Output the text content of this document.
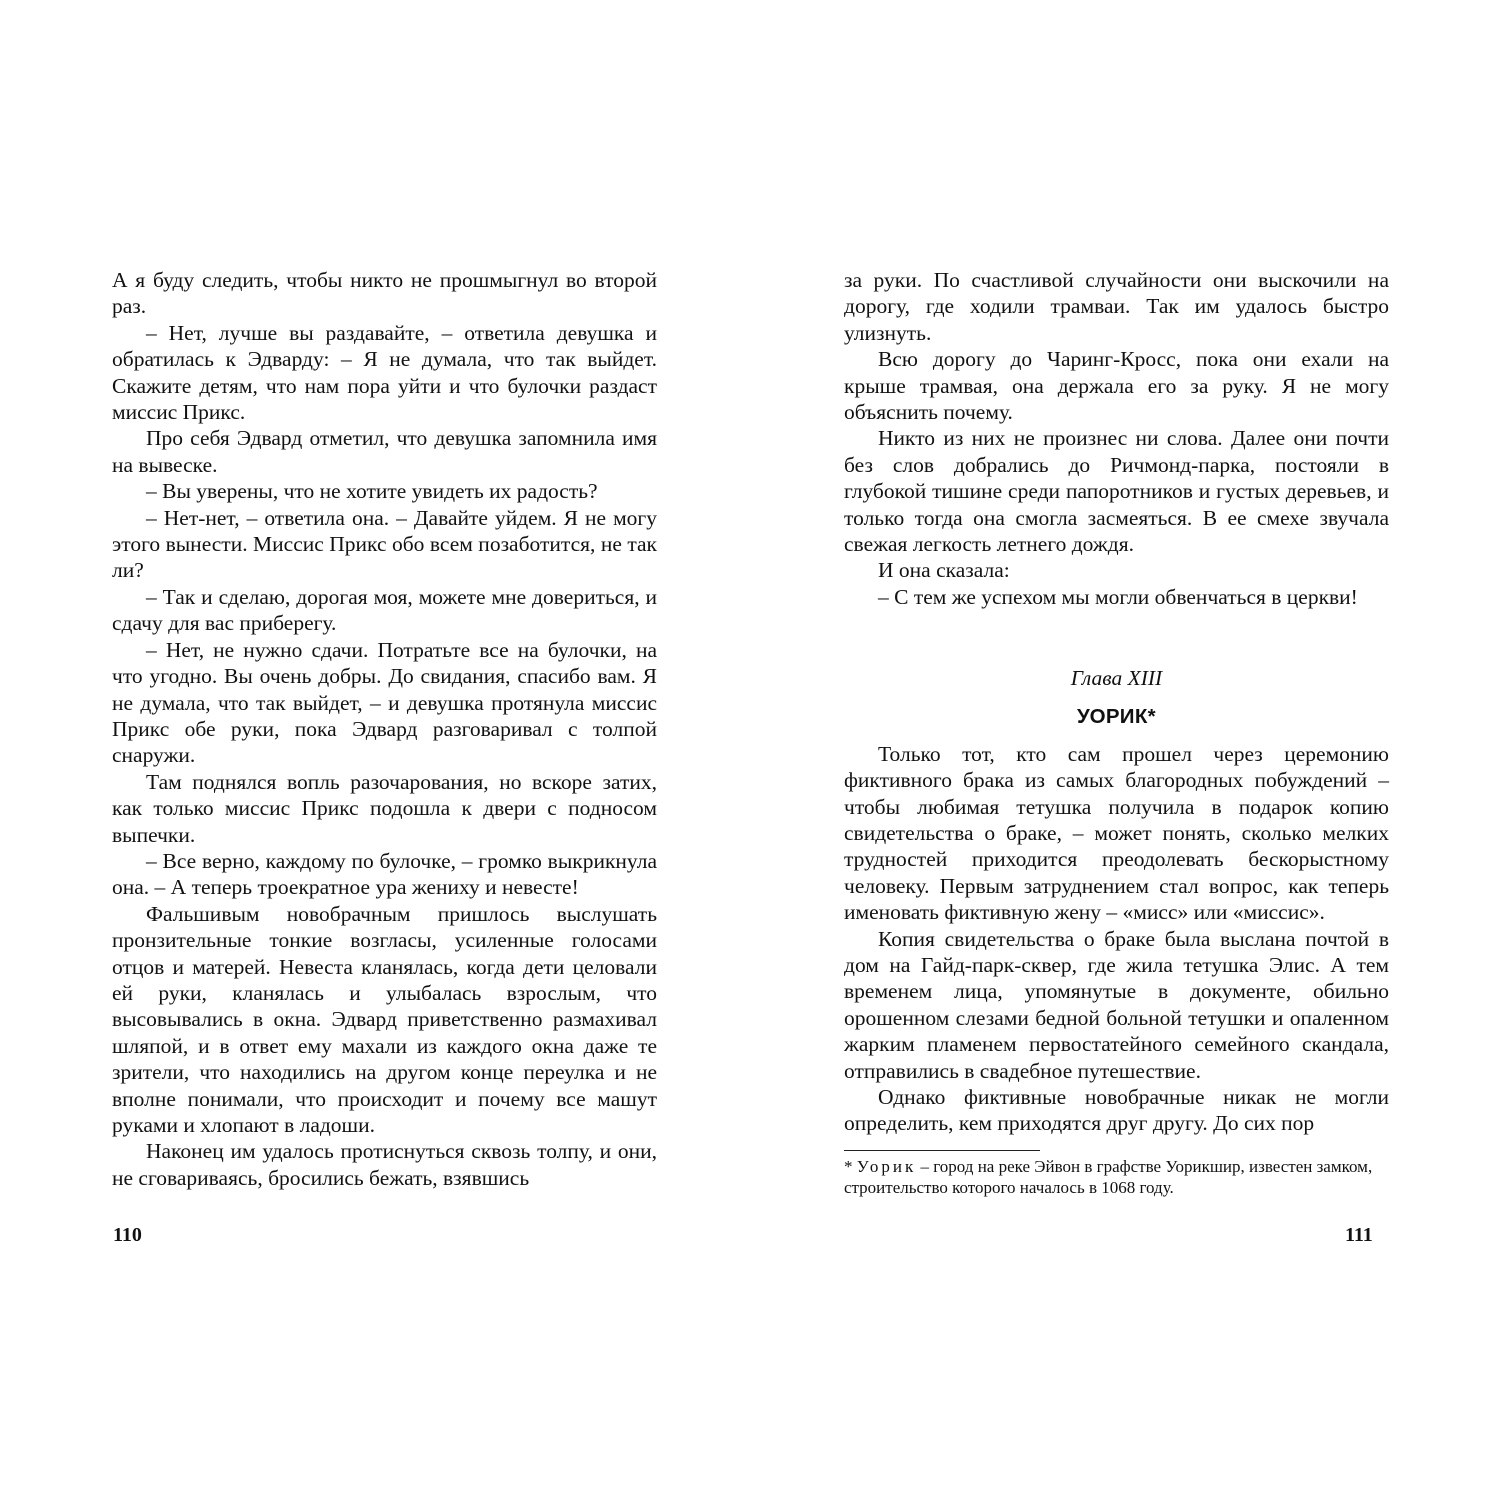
А я буду следить, чтобы никто не прошмыгнул во второй раз.

– Нет, лучше вы раздавайте, – ответила девушка и обратилась к Эдварду: – Я не думала, что так выйдет. Скажите детям, что нам пора уйти и что булочки раздаст миссис Прикс.

Про себя Эдвард отметил, что девушка запомнила имя на вывеске.

– Вы уверены, что не хотите увидеть их радость?

– Нет-нет, – ответила она. – Давайте уйдем. Я не могу этого вынести. Миссис Прикс обо всем позаботится, не так ли?

– Так и сделаю, дорогая моя, можете мне довериться, и сдачу для вас приберегу.

– Нет, не нужно сдачи. Потратьте все на булочки, на что угодно. Вы очень добры. До свидания, спасибо вам. Я не думала, что так выйдет, – и девушка протянула миссис Прикс обе руки, пока Эдвард разговаривал с толпой снаружи.

Там поднялся вопль разочарования, но вскоре затих, как только миссис Прикс подошла к двери с подносом выпечки.

– Все верно, каждому по булочке, – громко выкрикнула она. – А теперь троекратное ура жениху и невесте!

Фальшивым новобрачным пришлось выслушать пронзительные тонкие возгласы, усиленные голосами отцов и матерей. Невеста кланялась, когда дети целовали ей руки, кланялась и улыбалась взрослым, что высовывались в окна. Эдвард приветственно размахивал шляпой, и в ответ ему махали из каждого окна даже те зрители, что находились на другом конце переулка и не вполне понимали, что происходит и почему все машут руками и хлопают в ладоши.

Наконец им удалось протиснуться сквозь толпу, и они, не сговариваясь, бросились бежать, взявшись

за руки. По счастливой случайности они выскочили на дорогу, где ходили трамваи. Так им удалось быстро улизнуть.

Всю дорогу до Чаринг-Кросс, пока они ехали на крыше трамвая, она держала его за руку. Я не могу объяснить почему.

Никто из них не произнес ни слова. Далее они почти без слов добрались до Ричмонд-парка, постояли в глубокой тишине среди папоротников и густых деревьев, и только тогда она смогла засмеяться. В ее смехе звучала свежая легкость летнего дождя.

И она сказала:

– С тем же успехом мы могли обвенчаться в церкви!

Глава XIII
УОРИК*

Только тот, кто сам прошел через церемонию фиктивного брака из самых благородных побуждений – чтобы любимая тетушка получила в подарок копию свидетельства о браке, – может понять, сколько мелких трудностей приходится преодолевать бескорыстному человеку. Первым затруднением стал вопрос, как теперь именовать фиктивную жену – «мисс» или «миссис».

Копия свидетельства о браке была выслана почтой в дом на Гайд-парк-сквер, где жила тетушка Элис. А тем временем лица, упомянутые в документе, обильно орошенном слезами бедной больной тетушки и опаленном жарким пламенем первостатейного семейного скандала, отправились в свадебное путешествие.

Однако фиктивные новобрачные никак не могли определить, кем приходятся друг другу. До сих пор

* Уорик – город на реке Эйвон в графстве Уорикшир, известен замком, строительство которого началось в 1068 году.

110	111
